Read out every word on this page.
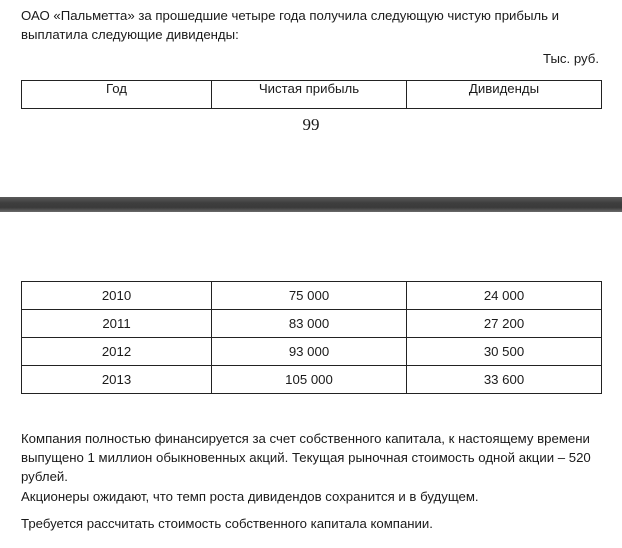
ОАО «Пальметта» за прошедшие четыре года получила следующую чистую прибыль и выплатила следующие дивиденды:

Тыс. руб.

Год	Чистая прибыль	Дивиденды
99
2010	75 000	24 000
2011	83 000	27 200
2012	93 000	30 500
2013	105 000	33 600

Компания полностью финансируется за счет собственного капитала, к настоящему времени выпущено 1 миллион обыкновенных акций. Текущая рыночная стоимость одной акции – 520 рублей.

Акционеры ожидают, что темп роста дивидендов сохранится и в будущем.

Требуется рассчитать стоимость собственного капитала компании.
